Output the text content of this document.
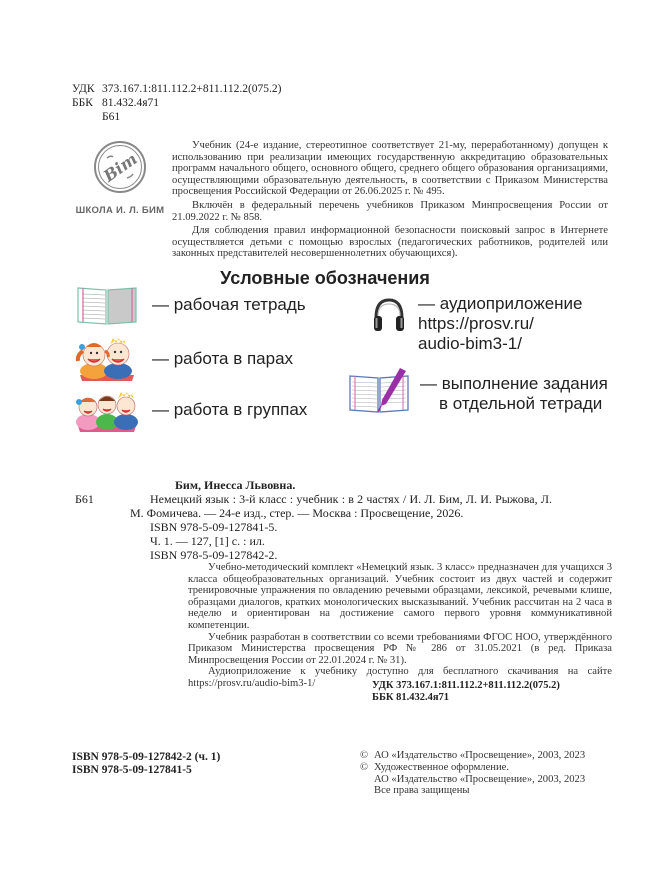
УДК 373.167.1:811.112.2+811.112.2(075.2)
ББК 81.432.4я71
Б61
Bim
ШКОЛА И. Л. БИМ

Учебник (24-е издание, стереотипное соответствует 21-му, переработанному) допущен к использованию при реализации имеющих государственную аккредитацию образовательных программ начального общего, основного общего, среднего общего образования организациями, осуществляющими образовательную деятельность, в соответствии с Приказом Министерства просвещения Российской Федерации от 26.06.2025 г. № 495.

Включён в федеральный перечень учебников Приказом Минпросвещения России от 21.09.2022 г. № 858.

Для соблюдения правил информационной безопасности поисковый запрос в Интернете осуществляется детьми с помощью взрослых (педагогических работников, родителей или законных представителей несовершеннолетних обучающихся).

Условные обозначения
— рабочая тетрадь
— работа в парах
— работа в группах
— аудиоприложение
https://prosv.ru/
audio-bim3-1/
— выполнение задания
в отдельной тетради
Бим, Инесса Львовна.
Б61	Немецкий язык : 3-й класс : учебник : в 2 частях / И. Л. Бим, Л. И. Рыжова, Л. М. Фомичева. — 24-е изд., стер. — Москва : Просвещение, 2026.
ISBN 978-5-09-127841-5.
Ч. 1. — 127, [1] с. : ил.
ISBN 978-5-09-127842-2.

Учебно-методический комплект «Немецкий язык. 3 класс» предназначен для учащихся 3 класса общеобразовательных организаций. Учебник состоит из двух частей и содержит тренировочные упражнения по овладению речевыми образцами, лексикой, речевыми клише, образцами диалогов, кратких монологических высказываний. Учебник рассчитан на 2 часа в неделю и ориентирован на достижение самого первого уровня коммуникативной компетенции.

Учебник разработан в соответствии со всеми требованиями ФГОС НОО, утверждённого Приказом Министерства просвещения РФ № 286 от 31.05.2021 (в ред. Приказа Минпросвещения России от 22.01.2024 г. № 31).

Аудиоприложение к учебнику доступно для бесплатного скачивания на сайте https://prosv.ru/audio-bim3-1/	УДК 373.167.1:811.112.2+811.112.2(075.2)
ББК 81.432.4я71
ISBN 978-5-09-127842-2 (ч. 1)
ISBN 978-5-09-127841-5
© АО «Издательство «Просвещение», 2003, 2023
© Художественное оформление.
АО «Издательство «Просвещение», 2003, 2023
Все права защищены
